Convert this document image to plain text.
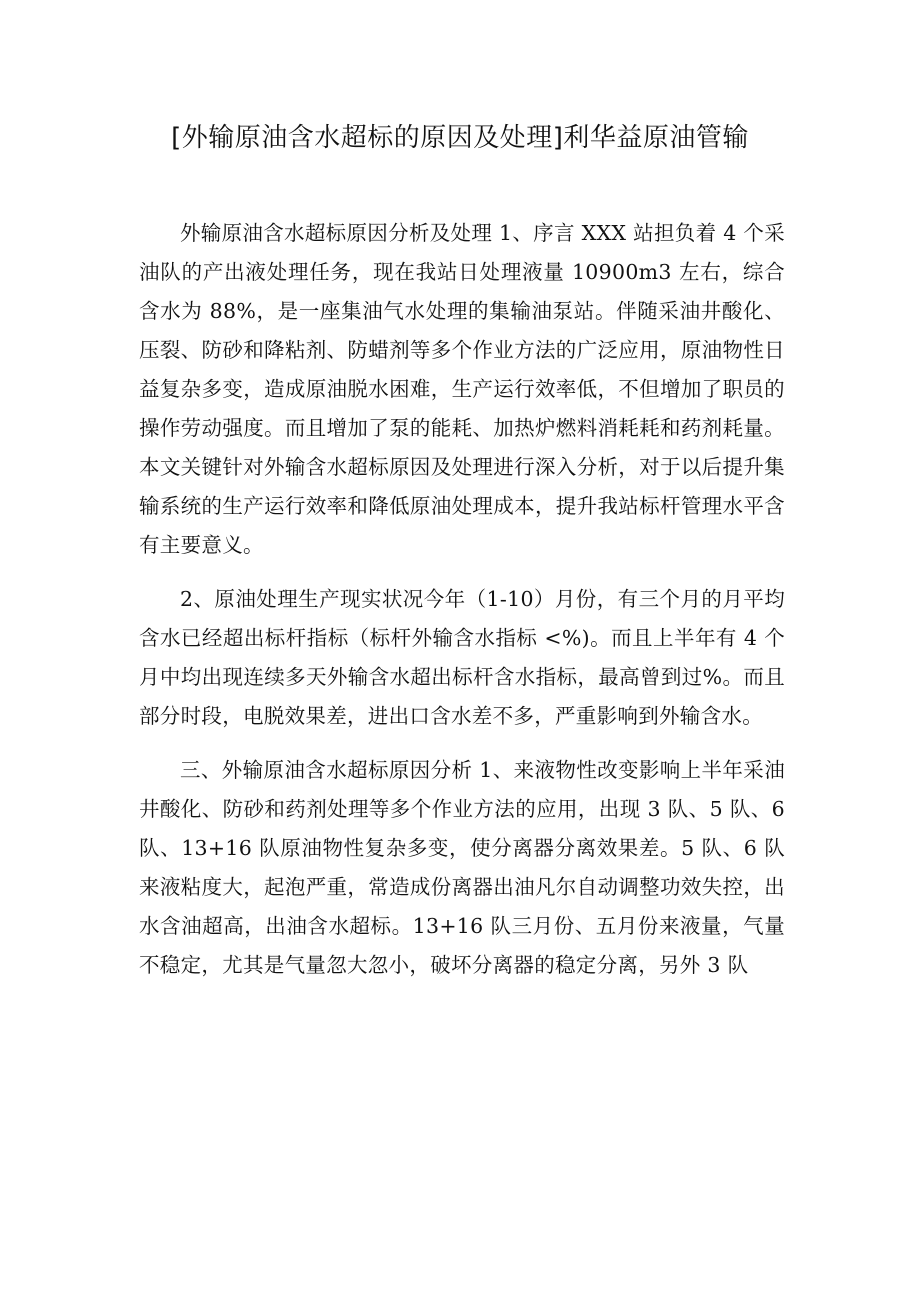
[外输原油含水超标的原因及处理]利华益原油管输

外输原油含水超标原因分析及处理 1、序言 XXX 站担负着 4 个采油队的产出液处理任务，现在我站日处理液量 10900m3 左右，综合含水为 88%，是一座集油气水处理的集输油泵站。伴随采油井酸化、压裂、防砂和降粘剂、防蜡剂等多个作业方法的广泛应用，原油物性日益复杂多变，造成原油脱水困难，生产运行效率低，不但增加了职员的操作劳动强度。而且增加了泵的能耗、加热炉燃料消耗耗和药剂耗量。本文关键针对外输含水超标原因及处理进行深入分析，对于以后提升集输系统的生产运行效率和降低原油处理成本，提升我站标杆管理水平含有主要意义。

2、原油处理生产现实状况今年（1-10）月份，有三个月的月平均含水已经超出标杆指标（标杆外输含水指标 <%)。而且上半年有 4 个月中均出现连续多天外输含水超出标杆含水指标，最高曾到过%。而且部分时段，电脱效果差，进出口含水差不多，严重影响到外输含水。

三、外输原油含水超标原因分析 1、来液物性改变影响上半年采油井酸化、防砂和药剂处理等多个作业方法的应用，出现 3 队、5 队、6 队、13+16 队原油物性复杂多变，使分离器分离效果差。5 队、6 队来液粘度大，起泡严重，常造成份离器出油凡尔自动调整功效失控，出水含油超高，出油含水超标。13+16 队三月份、五月份来液量，气量不稳定，尤其是气量忽大忽小，破坏分离器的稳定分离，另外 3 队
